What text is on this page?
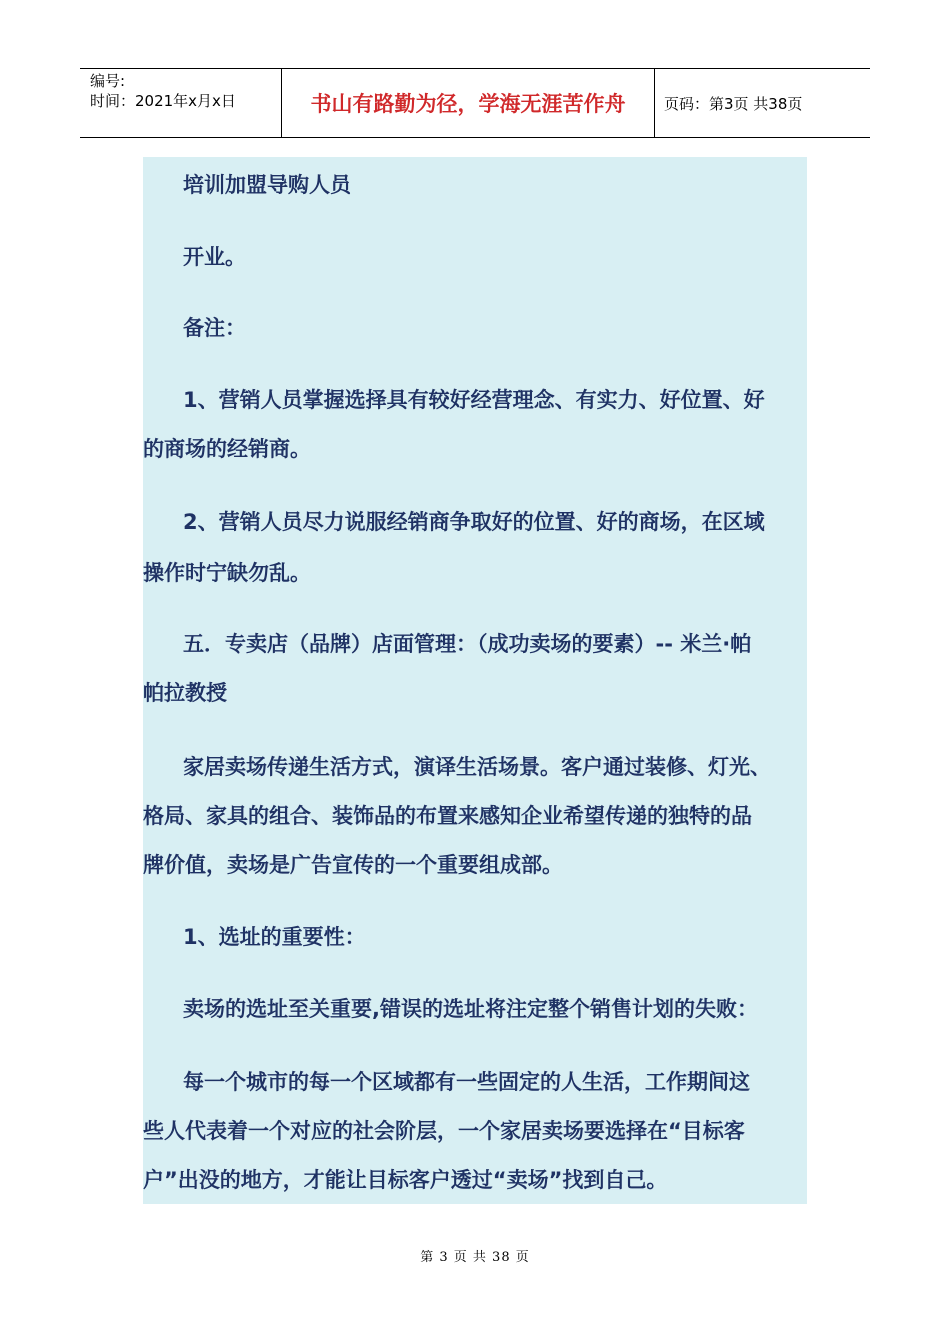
编号:
时间：2021年x月x日	书山有路勤为径，学海无涯苦作舟	页码：第3页 共38页
培训加盟导购人员
开业。
备注：
1、营销人员掌握选择具有较好经营理念、有实力、好位置、好
的商场的经销商。
2、营销人员尽力说服经销商争取好的位置、好的商场，在区域
操作时宁缺勿乱。
五．专卖店（品牌）店面管理：（成功卖场的要素）-- 米兰·帕
帕拉教授
家居卖场传递生活方式，演译生活场景。客户通过装修、灯光、
格局、家具的组合、装饰品的布置来感知企业希望传递的独特的品
牌价值，卖场是广告宣传的一个重要组成部。
1、选址的重要性：
卖场的选址至关重要,错误的选址将注定整个销售计划的失败：
每一个城市的每一个区域都有一些固定的人生活，工作期间这
些人代表着一个对应的社会阶层，一个家居卖场要选择在“目标客
户”出没的地方，才能让目标客户透过“卖场”找到自己。
第 3 页 共 38 页
